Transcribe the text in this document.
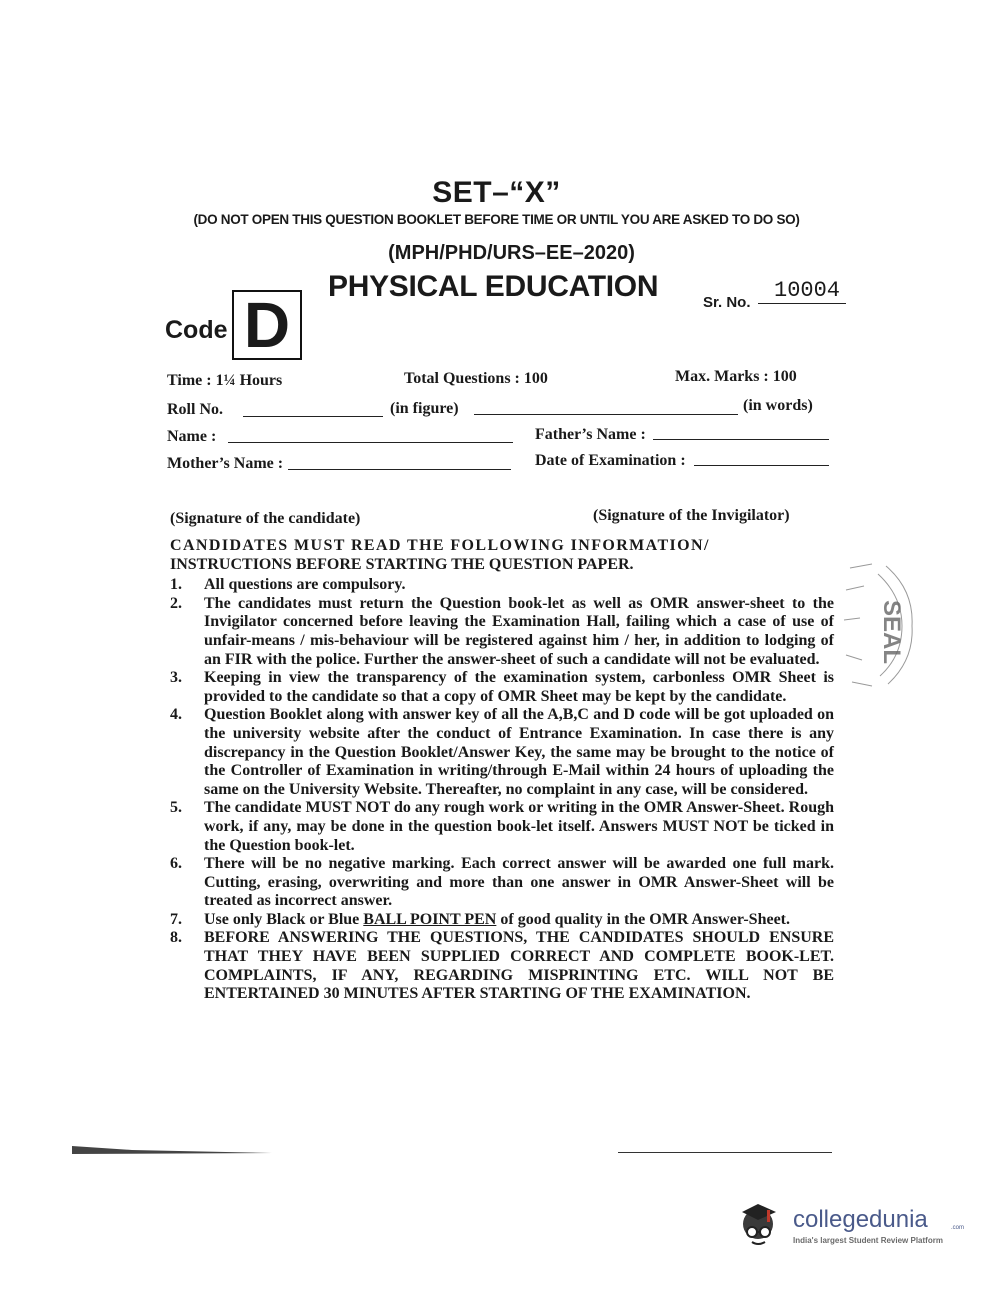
SET–“X”
(DO NOT OPEN THIS QUESTION BOOKLET BEFORE TIME OR UNTIL YOU ARE ASKED TO DO SO)
(MPH/PHD/URS–EE–2020)
PHYSICAL EDUCATION	Sr. No.	10004
Code D
Time : 1¼ Hours	Total Questions : 100	Max. Marks : 100
Roll No.	(in figure)	(in words)
Name :	Father’s Name :
Mother’s Name :	Date of Examination :
(Signature of the candidate)	(Signature of the Invigilator)
CANDIDATES MUST READ THE FOLLOWING INFORMATION/
INSTRUCTIONS BEFORE STARTING THE QUESTION PAPER.
1. All questions are compulsory.
2. The candidates must return the Question book-let as well as OMR answer-sheet to the Invigilator concerned before leaving the Examination Hall, failing which a case of use of unfair-means / mis-behaviour will be registered against him / her, in addition to lodging of an FIR with the police. Further the answer-sheet of such a candidate will not be evaluated.
3. Keeping in view the transparency of the examination system, carbonless OMR Sheet is provided to the candidate so that a copy of OMR Sheet may be kept by the candidate.
4. Question Booklet along with answer key of all the A,B,C and D code will be got uploaded on the university website after the conduct of Entrance Examination. In case there is any discrepancy in the Question Booklet/Answer Key, the same may be brought to the notice of the Controller of Examination in writing/through E-Mail within 24 hours of uploading the same on the University Website. Thereafter, no complaint in any case, will be considered.
5. The candidate MUST NOT do any rough work or writing in the OMR Answer-Sheet. Rough work, if any, may be done in the question book-let itself. Answers MUST NOT be ticked in the Question book-let.
6. There will be no negative marking. Each correct answer will be awarded one full mark. Cutting, erasing, overwriting and more than one answer in OMR Answer-Sheet will be treated as incorrect answer.
7. Use only Black or Blue BALL POINT PEN of good quality in the OMR Answer-Sheet.
8. BEFORE ANSWERING THE QUESTIONS, THE CANDIDATES SHOULD ENSURE THAT THEY HAVE BEEN SUPPLIED CORRECT AND COMPLETE BOOK-LET. COMPLAINTS, IF ANY, REGARDING MISPRINTING ETC. WILL NOT BE ENTERTAINED 30 MINUTES AFTER STARTING OF THE EXAMINATION.
SEAL
collegedunia	.com
India's largest Student Review Platform
